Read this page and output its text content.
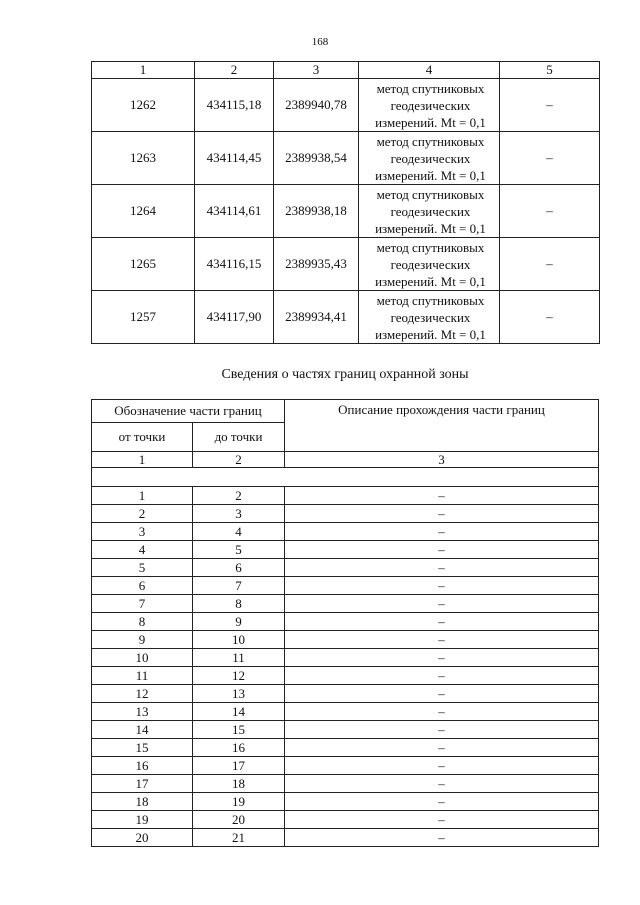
168
1	2	3	4	5
1262	434115,18	2389940,78	метод спутниковых
геодезических
измерений. Mt = 0,1	–
1263	434114,45	2389938,54	метод спутниковых
геодезических
измерений. Mt = 0,1	–
1264	434114,61	2389938,18	метод спутниковых
геодезических
измерений. Mt = 0,1	–
1265	434116,15	2389935,43	метод спутниковых
геодезических
измерений. Mt = 0,1	–
1257	434117,90	2389934,41	метод спутниковых
геодезических
измерений. Mt = 0,1	–
Сведения о частях границ охранной зоны
Обозначение части границ		Описание прохождения части границ
от точки	до точки	
1	2	3

1	2	–
2	3	–
3	4	–
4	5	–
5	6	–
6	7	–
7	8	–
8	9	–
9	10	–
10	11	–
11	12	–
12	13	–
13	14	–
14	15	–
15	16	–
16	17	–
17	18	–
18	19	–
19	20	–
20	21	–
